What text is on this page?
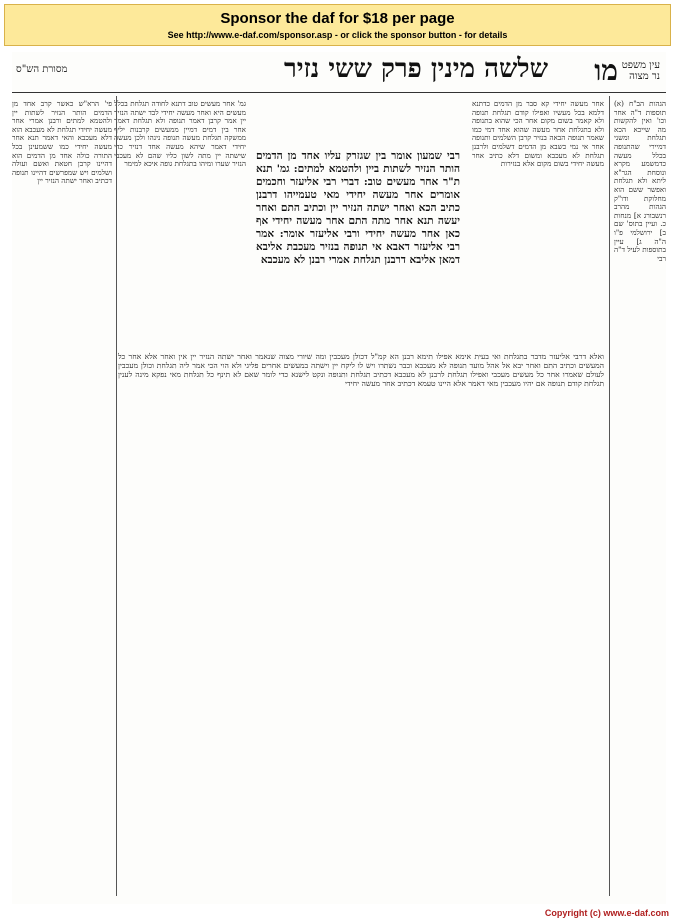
Sponsor the daf for $18 per page
See http://www.e-daf.com/sponsor.asp - or click the sponsor button - for details
שלשה מינין פרק ששי נזיר מו	עין משפט
נר מצוה
מסורת הש"ס
הגהות הב"ח (א) תוספות ד"ה אחר וכו' ואין להקשות מה שייכא הכא תגלחת ומשני דמיירי שהתנופה בכלל מעשה כדמשמע מקרא ונוסחת הגר"א ליתא ולא תגלחת ואפשר ששם הוא מחלוקת ודו"ק הגהות מהרב רנשבורג א] מנחות כ. ועיין בתוס' שם ב] ירושלמי פ"ו ה"ה ג] עיין בתוספות לעיל ד"ה רבי
אחר מעשה יחידי קא סבר מן הדמים כדתנא דלמא בכל מעשיו ואפילו קודם תגלחת תנופה ולא קאמר בשום מקום אחר הכי שהוא בתנופה ולא בתגלחת אחר מעשה שהוא אחד דמי כמו שאמר תנופה הבאה בנזיר קרבן השלמים ותנופה אחר אי נמי כשבא מן הדמים דשלמים ולרבנן תגלחת לא מעכבא ומשום דלא כתיב אחר מעשה יחידי בשום מקום אלא בנזירות
רבי שמעון אומר בין שגזרק עליו אחד מן הדמים הותר הנזיר לשתות ביין ולהטמא למתים: גמ' תנא ת"ר אחר מעשים טוב: דברי רבי אליעזר וחכמים אומרים אחר מעשה יחידי מאי טעמייהו דרבנן כתיב הכא ואחר ישתה הנזיר יין וכתיב התם ואחר יעשה תנא אחר מתה התם אחר מעשה יחידי אף כאן אחר מעשה יחידי ורבי אליעזר אומר: אמר רבי אליעזר דאבא אי תנופה בנזיר מעכבת אליבא דמאן אליבא דרבנן תגלחת אמרי רבנן לא מעכבא
גמ' אחר מעשים טוב דתנא לחודה תגלחת בכלל מעשים היא ואחר מעשה יחידי לבד ישתה הנזיר יין אמר קרבן דאמר תנופה ולא תגלחת דאמר אחר בין דמים דמיין ממעשים קרבנות יליף ממשקה תגלחת מעשה תנופה נינהו ולכן מעשה יחידי דאמר שיהא מעשה אחד דנזיר כדי שישתה יין מתה לשון כליו שהם לא מעכבי הנזיר שערו ומיהו בתגלחת גופה איכא למימר
פי' הרא"ש כאשר קרב אחד מן הדמים הותר הנזיר לשתות יין ולהטמא למתים ורבנן אמרי אחר מעשה יחידי תגלחת לא מעכבא הוא דלא מעכבא והאי דאמר תנא אחר מעשה יחידי כמו ששמעינן בכל התורה כולה אחד מן הדמים הוא דהיינו קרבן חטאת ואשם ועולה ושלמים ויש שמפרשים דהיינו תנופה דכתיב ואחר ישתה הנזיר יין
ואלא דרבי אליעזר מדבר בתגלחת ואי בעית אימא אפילו תימא רבנן הא קמ"ל דכולן מעכבין ומה שיורי מצוה שנאמר ואחר ישתה הנזיר יין אין ואחר אלא אחר כל המעשים וכתיב התם ואחר יבא אל אהל מועד תנופה לא מעכבא וכבר נשתרו ויש לו ליקח יין וישתה במעשים אחרים פליגי ולא הוי הכי אמר ליה תגלחת וכולן מעכבין לעולם שאמרו אחר כל מעשים מעכבי ואפילו תגלחת לרבנן לא מעכבא דכתיב תגלחת ותנופה ונקט לישנא כדי לומר שאם לא תינף כל תגלחת מאי נפקא מינה לענין תגלחת קודם תנופה אם יהיו מעכבין מאי דאמר אלא היינו טעמא דכתיב אחר מעשה יחידי
Copyright (c) www.e-daf.com
